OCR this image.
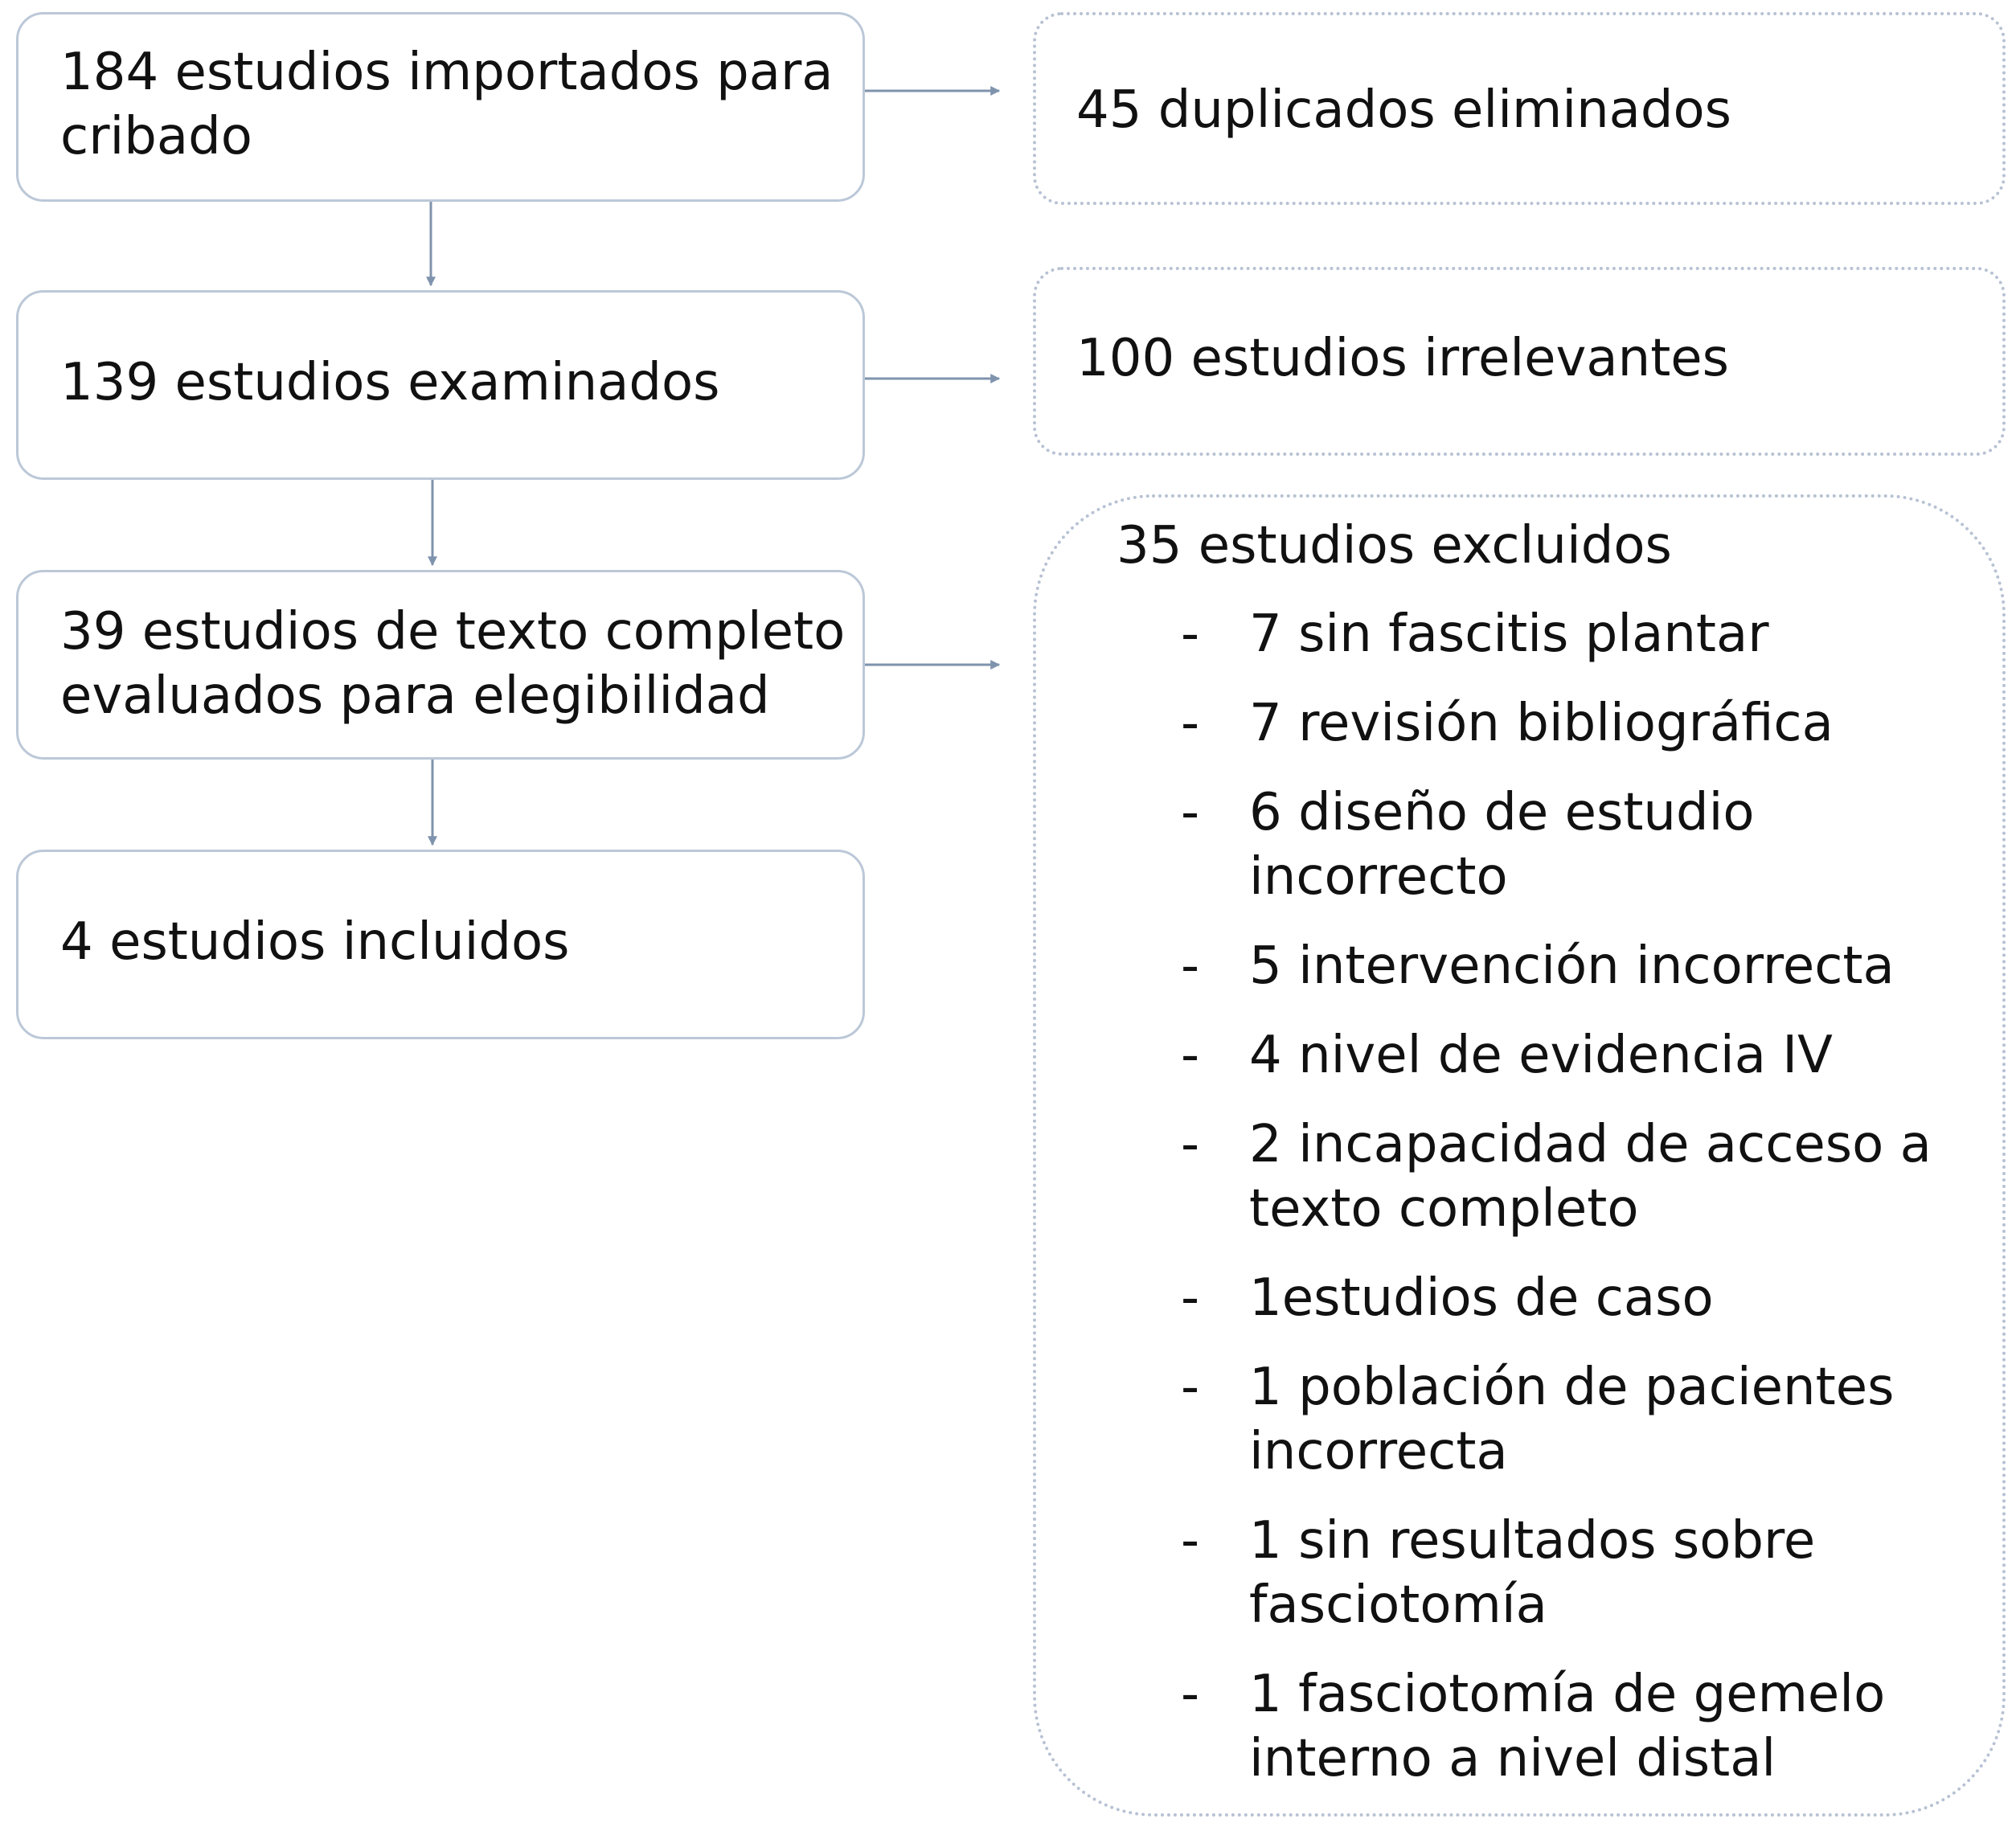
184 estudios importados para cribado
139 estudios examinados
39 estudios de texto completo evaluados para elegibilidad
4 estudios incluidos
45 duplicados eliminados
100 estudios irrelevantes
35 estudios excluidos
- 7 sin fascitis plantar
- 7 revisión bibliográfica
- 6 diseño de estudio incorrecto
- 5 intervención incorrecta
- 4 nivel de evidencia IV
- 2 incapacidad de acceso a texto completo
- 1estudios de caso
- 1 población de pacientes incorrecta
- 1 sin resultados sobre fasciotomía
- 1 fasciotomía de gemelo interno a nivel distal
